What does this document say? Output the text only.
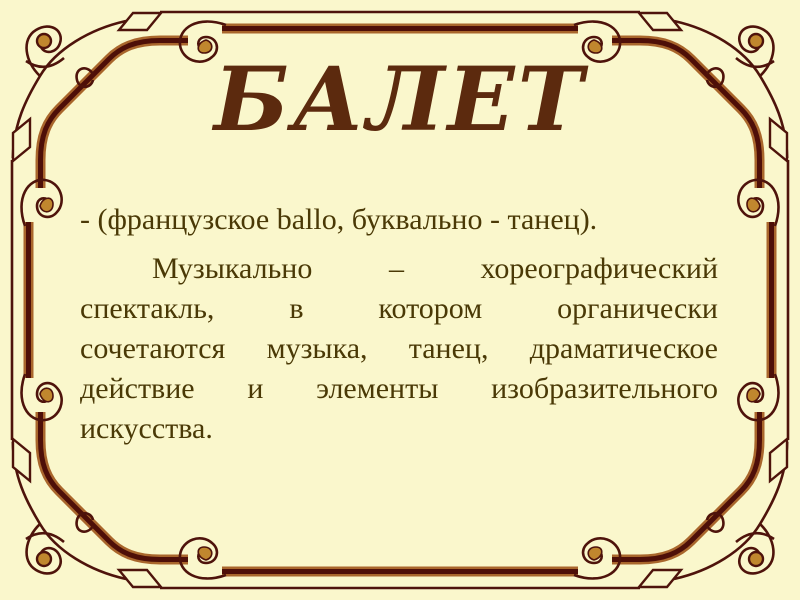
БАЛЕТ

- (французское ballo, буквально - танец).

Музыкально – хореографический

спектакль, в котором органически

сочетаются музыка, танец, драматическое

действие и элементы изобразительного

искусства.
